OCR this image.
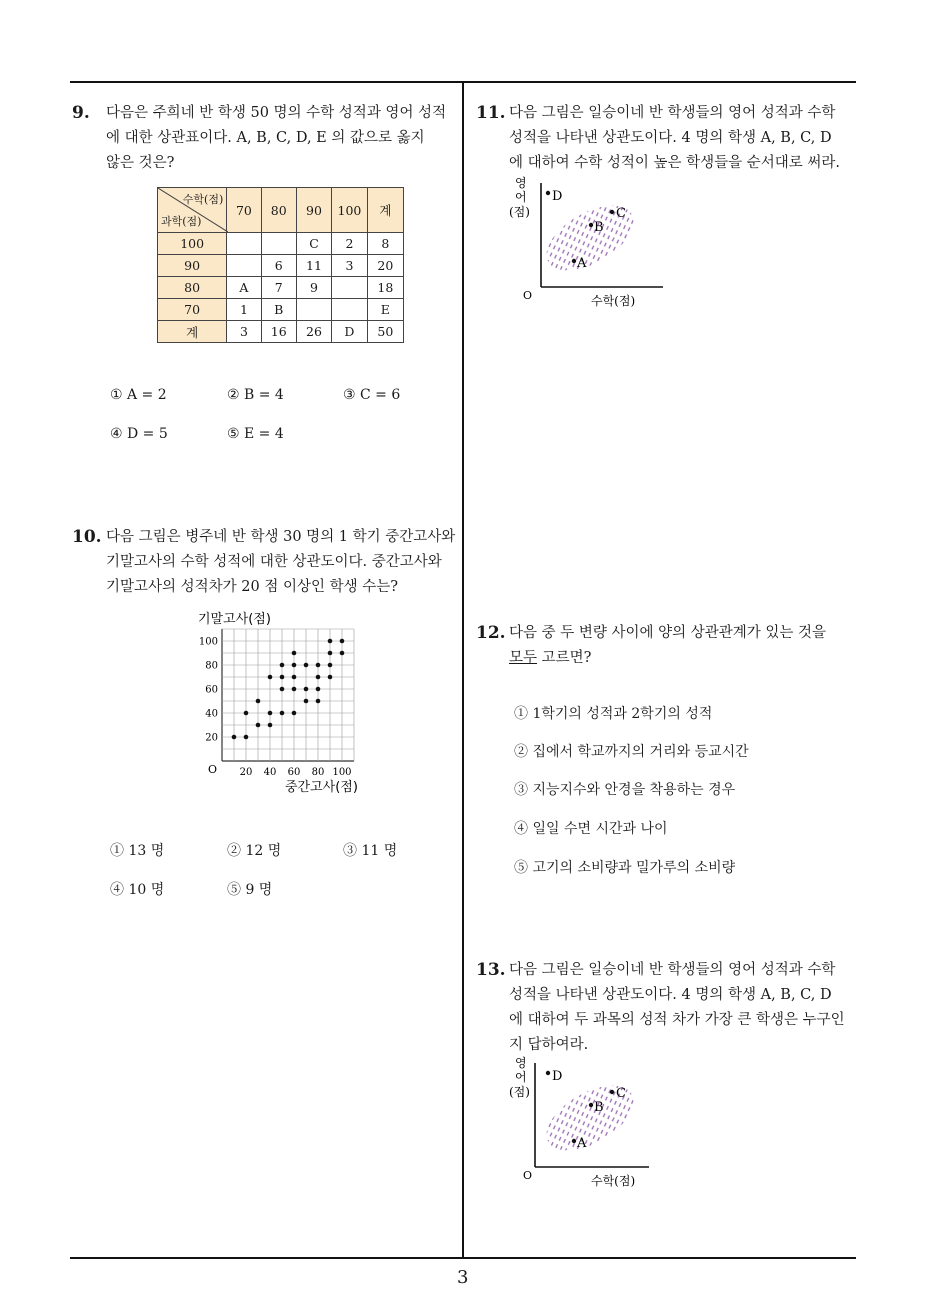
3
9. 다음은 주희네 반 학생 50 명의 수학 성적과 영어 성적
에 대한 상관표이다. A, B, C, D, E 의 값으로 옳지
않은 것은?
수학(점)
과학(점)	70	80	90	100	계
100			C	2	8
90		6	11	3	20
80	A	7	9		18
70	1	B			E
계	3	16	26	D	50
① A = 2	② B = 4	③ C = 6
④ D = 5	⑤ E = 4
10. 다음 그림은 병주네 반 학생 30 명의 1 학기 중간고사와
기말고사의 수학 성적에 대한 상관도이다. 중간고사와
기말고사의 성적차가 20 점 이상인 학생 수는?
기말고사(점)
중간고사(점)
O 20 40 60 80 100
20
40
60
80
100
① 13 명	② 12 명	③ 11 명
④ 10 명	⑤ 9 명
11. 다음 그림은 일승이네 반 학생들의 영어 성적과 수학
성적을 나타낸 상관도이다. 4 명의 학생 A, B, C, D
에 대하여 수학 성적이 높은 학생들을 순서대로 써라.
영
어
(점)
O	수학(점)
D
C
B
A
12. 다음 중 두 변량 사이에 양의 상관관계가 있는 것을
모두 고르면?
① 1학기의 성적과 2학기의 성적
② 집에서 학교까지의 거리와 등교시간
③ 지능지수와 안경을 착용하는 경우
④ 일일 수면 시간과 나이
⑤ 고기의 소비량과 밀가루의 소비량
13. 다음 그림은 일승이네 반 학생들의 영어 성적과 수학
성적을 나타낸 상관도이다. 4 명의 학생 A, B, C, D
에 대하여 두 과목의 성적 차가 가장 큰 학생은 누구인
지 답하여라.
영
어
(점)
O	수학(점)
D
C
B
A
